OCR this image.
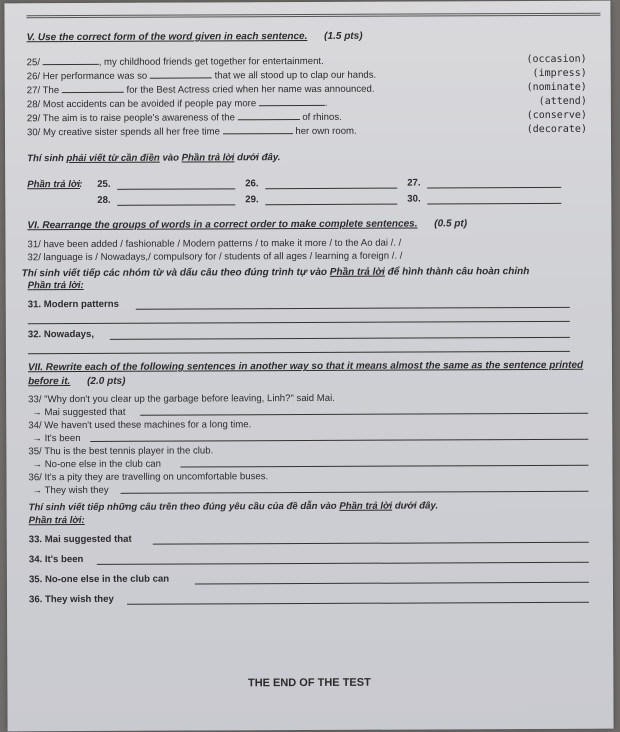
V. Use the correct form of the word given in each sentence. (1.5 pts)
25/	, my childhood friends get together for entertainment.	(occasion)
26/ Her performance was so	that we all stood up to clap our hands.	(impress)
27/ The	for the Best Actress cried when her name was announced.	(nominate)
28/ Most accidents can be avoided if people pay more	.	(attend)
29/ The aim is to raise people's awareness of the	of rhinos.	(conserve)
30/ My creative sister spends all her free time	her own room.	(decorate)
Thí sinh phải viết từ cần điền vào Phần trả lời dưới đây.
Phần trả lời : 25.	26.	27.
28.	29.	30.
VI. Rearrange the groups of words in a correct order to make complete sentences. (0.5 pt)
31/ have been added / fashionable / Modern patterns / to make it more / to the Ao dai /. /
32/ language is / Nowadays,/ compulsory for / students of all ages / learning a foreign /. /
Thí sinh viết tiếp các nhóm từ và dấu câu theo đúng trình tự vào Phần trả lời để hình thành câu hoàn chỉnh
Phần trả lời:
31. Modern patterns
32. Nowadays,
VII. Rewrite each of the following sentences in another way so that it means almost the same as the sentence printed before it. (2.0 pts)
33/ "Why don't you clear up the garbage before leaving, Linh?" said Mai.
→ Mai suggested that
34/ We haven't used these machines for a long time.
→ It's been
35/ Thu is the best tennis player in the club.
→ No-one else in the club can
36/ It's a pity they are travelling on uncomfortable buses.
→ They wish they
Thí sinh viết tiếp những câu trên theo đúng yêu cầu của đề dẫn vào Phần trả lời dưới đây.
Phần trả lời:
33. Mai suggested that
34. It's been
35. No-one else in the club can
36. They wish they
THE END OF THE TEST
